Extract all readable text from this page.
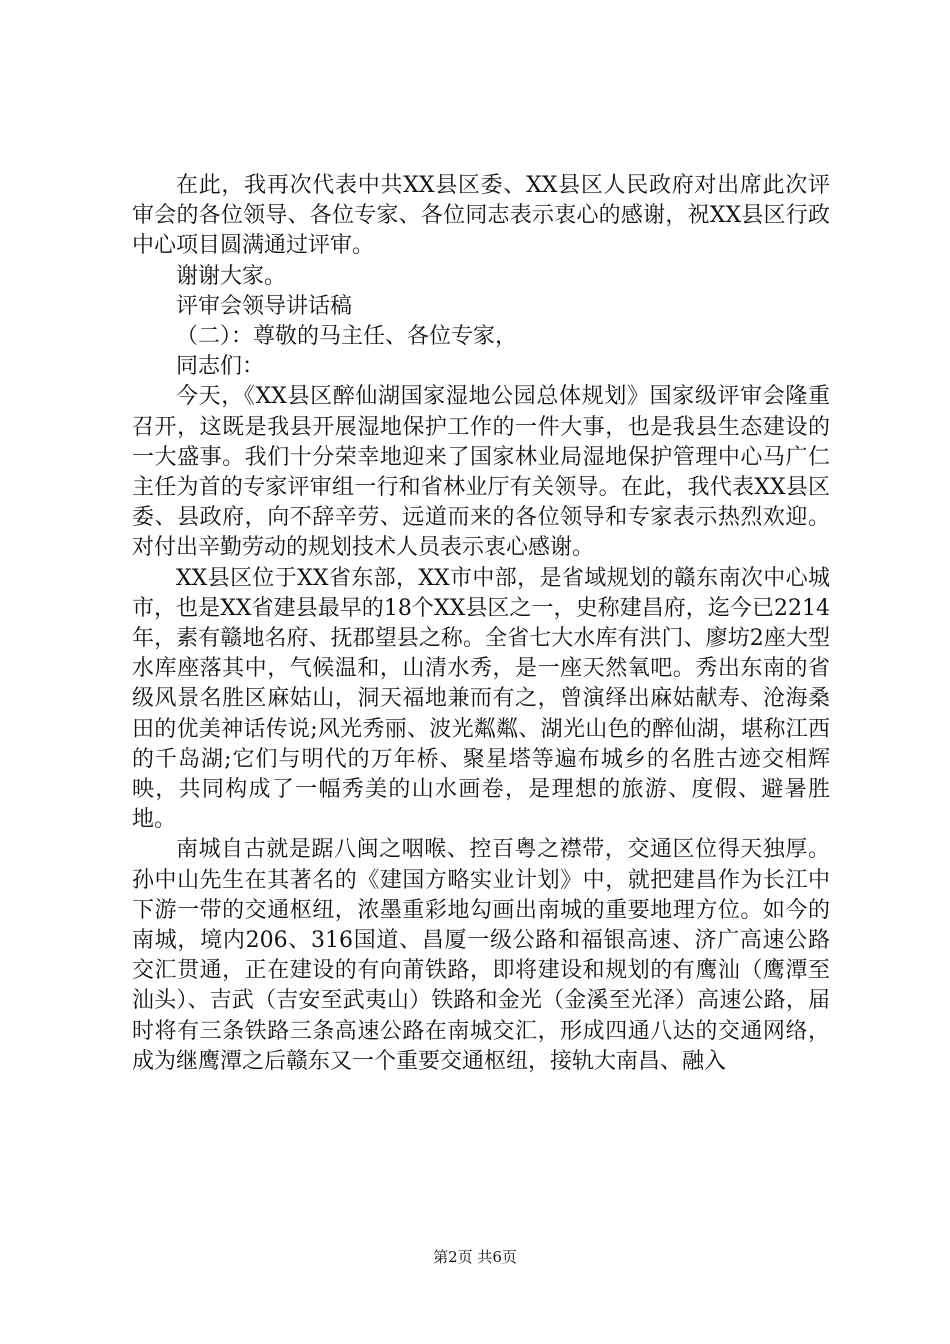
在此，我再次代表中共XX县区委、XX县区人民政府对出席此次评审会的各位领导、各位专家、各位同志表示衷心的感谢，祝XX县区行政中心项目圆满通过评审。

谢谢大家。

评审会领导讲话稿

（二）：尊敬的马主任、各位专家，

同志们：

今天，《XX县区醉仙湖国家湿地公园总体规划》国家级评审会隆重召开，这既是我县开展湿地保护工作的一件大事，也是我县生态建设的一大盛事。我们十分荣幸地迎来了国家林业局湿地保护管理中心马广仁主任为首的专家评审组一行和省林业厅有关领导。在此，我代表XX县区委、县政府，向不辞辛劳、远道而来的各位领导和专家表示热烈欢迎。对付出辛勤劳动的规划技术人员表示衷心感谢。

XX县区位于XX省东部，XX市中部，是省域规划的赣东南次中心城市，也是XX省建县最早的18个XX县区之一，史称建昌府，迄今已2214年，素有赣地名府、抚郡望县之称。全省七大水库有洪门、廖坊2座大型水库座落其中，气候温和，山清水秀，是一座天然氧吧。秀出东南的省级风景名胜区麻姑山，洞天福地兼而有之，曾演绎出麻姑献寿、沧海桑田的优美神话传说;风光秀丽、波光粼粼、湖光山色的醉仙湖，堪称江西的千岛湖;它们与明代的万年桥、聚星塔等遍布城乡的名胜古迹交相辉映，共同构成了一幅秀美的山水画卷，是理想的旅游、度假、避暑胜地。

南城自古就是踞八闽之咽喉、控百粤之襟带，交通区位得天独厚。孙中山先生在其著名的《建国方略实业计划》中，就把建昌作为长江中下游一带的交通枢纽，浓墨重彩地勾画出南城的重要地理方位。如今的南城，境内206、316国道、昌厦一级公路和福银高速、济广高速公路交汇贯通，正在建设的有向莆铁路，即将建设和规划的有鹰汕（鹰潭至汕头）、吉武（吉安至武夷山）铁路和金光（金溪至光泽）高速公路，届时将有三条铁路三条高速公路在南城交汇，形成四通八达的交通网络，成为继鹰潭之后赣东又一个重要交通枢纽，接轨大南昌、融入

第2页 共6页
